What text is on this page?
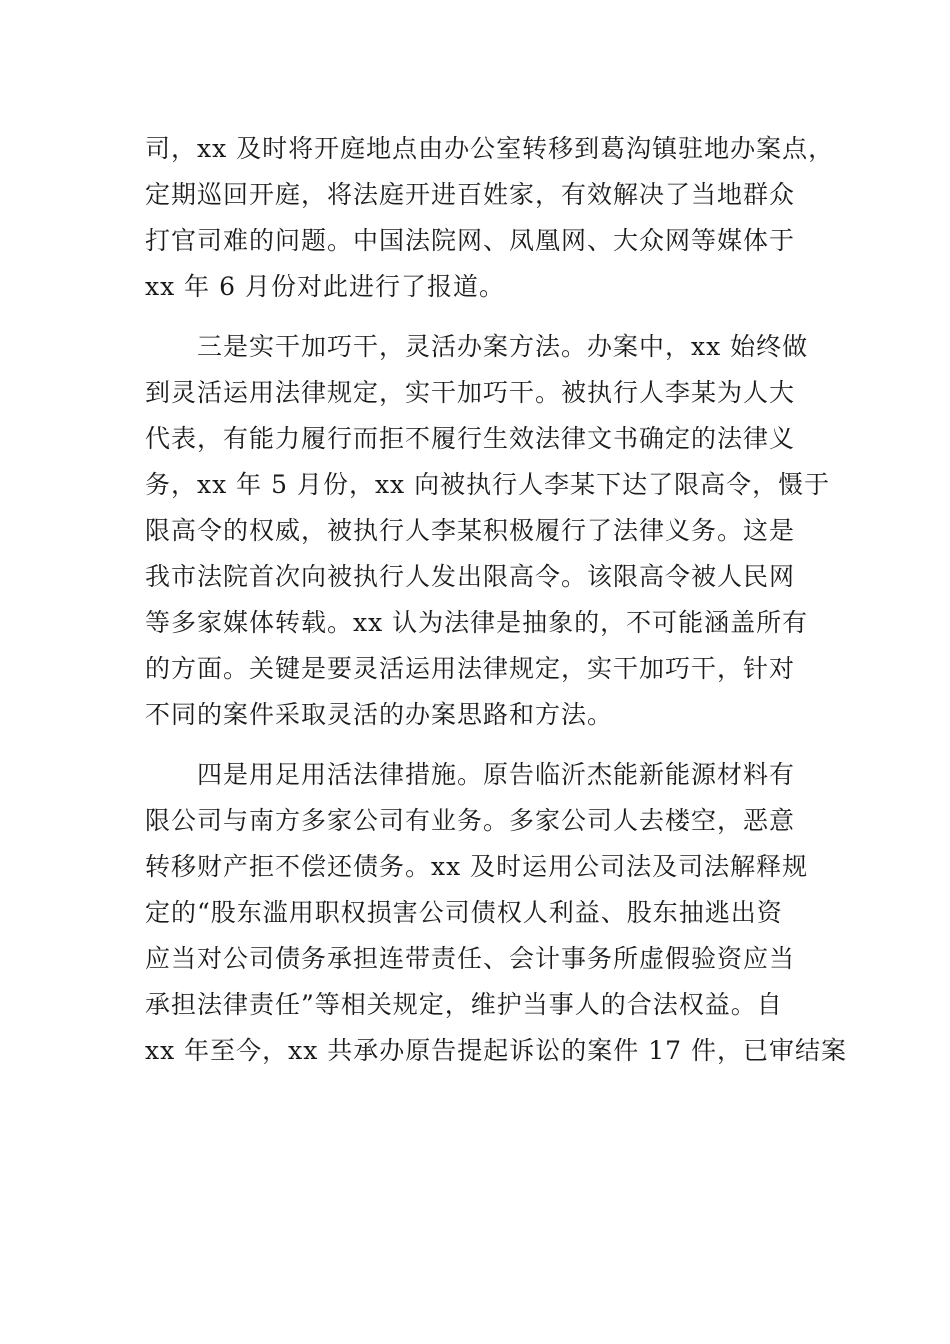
司，xx 及时将开庭地点由办公室转移到葛沟镇驻地办案点，
定期巡回开庭，将法庭开进百姓家，有效解决了当地群众
打官司难的问题。中国法院网、凤凰网、大众网等媒体于
xx 年 6 月份对此进行了报道。
　　三是实干加巧干，灵活办案方法。办案中，xx 始终做
到灵活运用法律规定，实干加巧干。被执行人李某为人大
代表，有能力履行而拒不履行生效法律文书确定的法律义
务，xx 年 5 月份，xx 向被执行人李某下达了限高令，慑于
限高令的权威，被执行人李某积极履行了法律义务。这是
我市法院首次向被执行人发出限高令。该限高令被人民网
等多家媒体转载。xx 认为法律是抽象的，不可能涵盖所有
的方面。关键是要灵活运用法律规定，实干加巧干，针对
不同的案件采取灵活的办案思路和方法。
　　四是用足用活法律措施。原告临沂杰能新能源材料有
限公司与南方多家公司有业务。多家公司人去楼空，恶意
转移财产拒不偿还债务。xx 及时运用公司法及司法解释规
定的“股东滥用职权损害公司债权人利益、股东抽逃出资
应当对公司债务承担连带责任、会计事务所虚假验资应当
承担法律责任”等相关规定，维护当事人的合法权益。自
xx 年至今，xx 共承办原告提起诉讼的案件 17 件，已审结案
